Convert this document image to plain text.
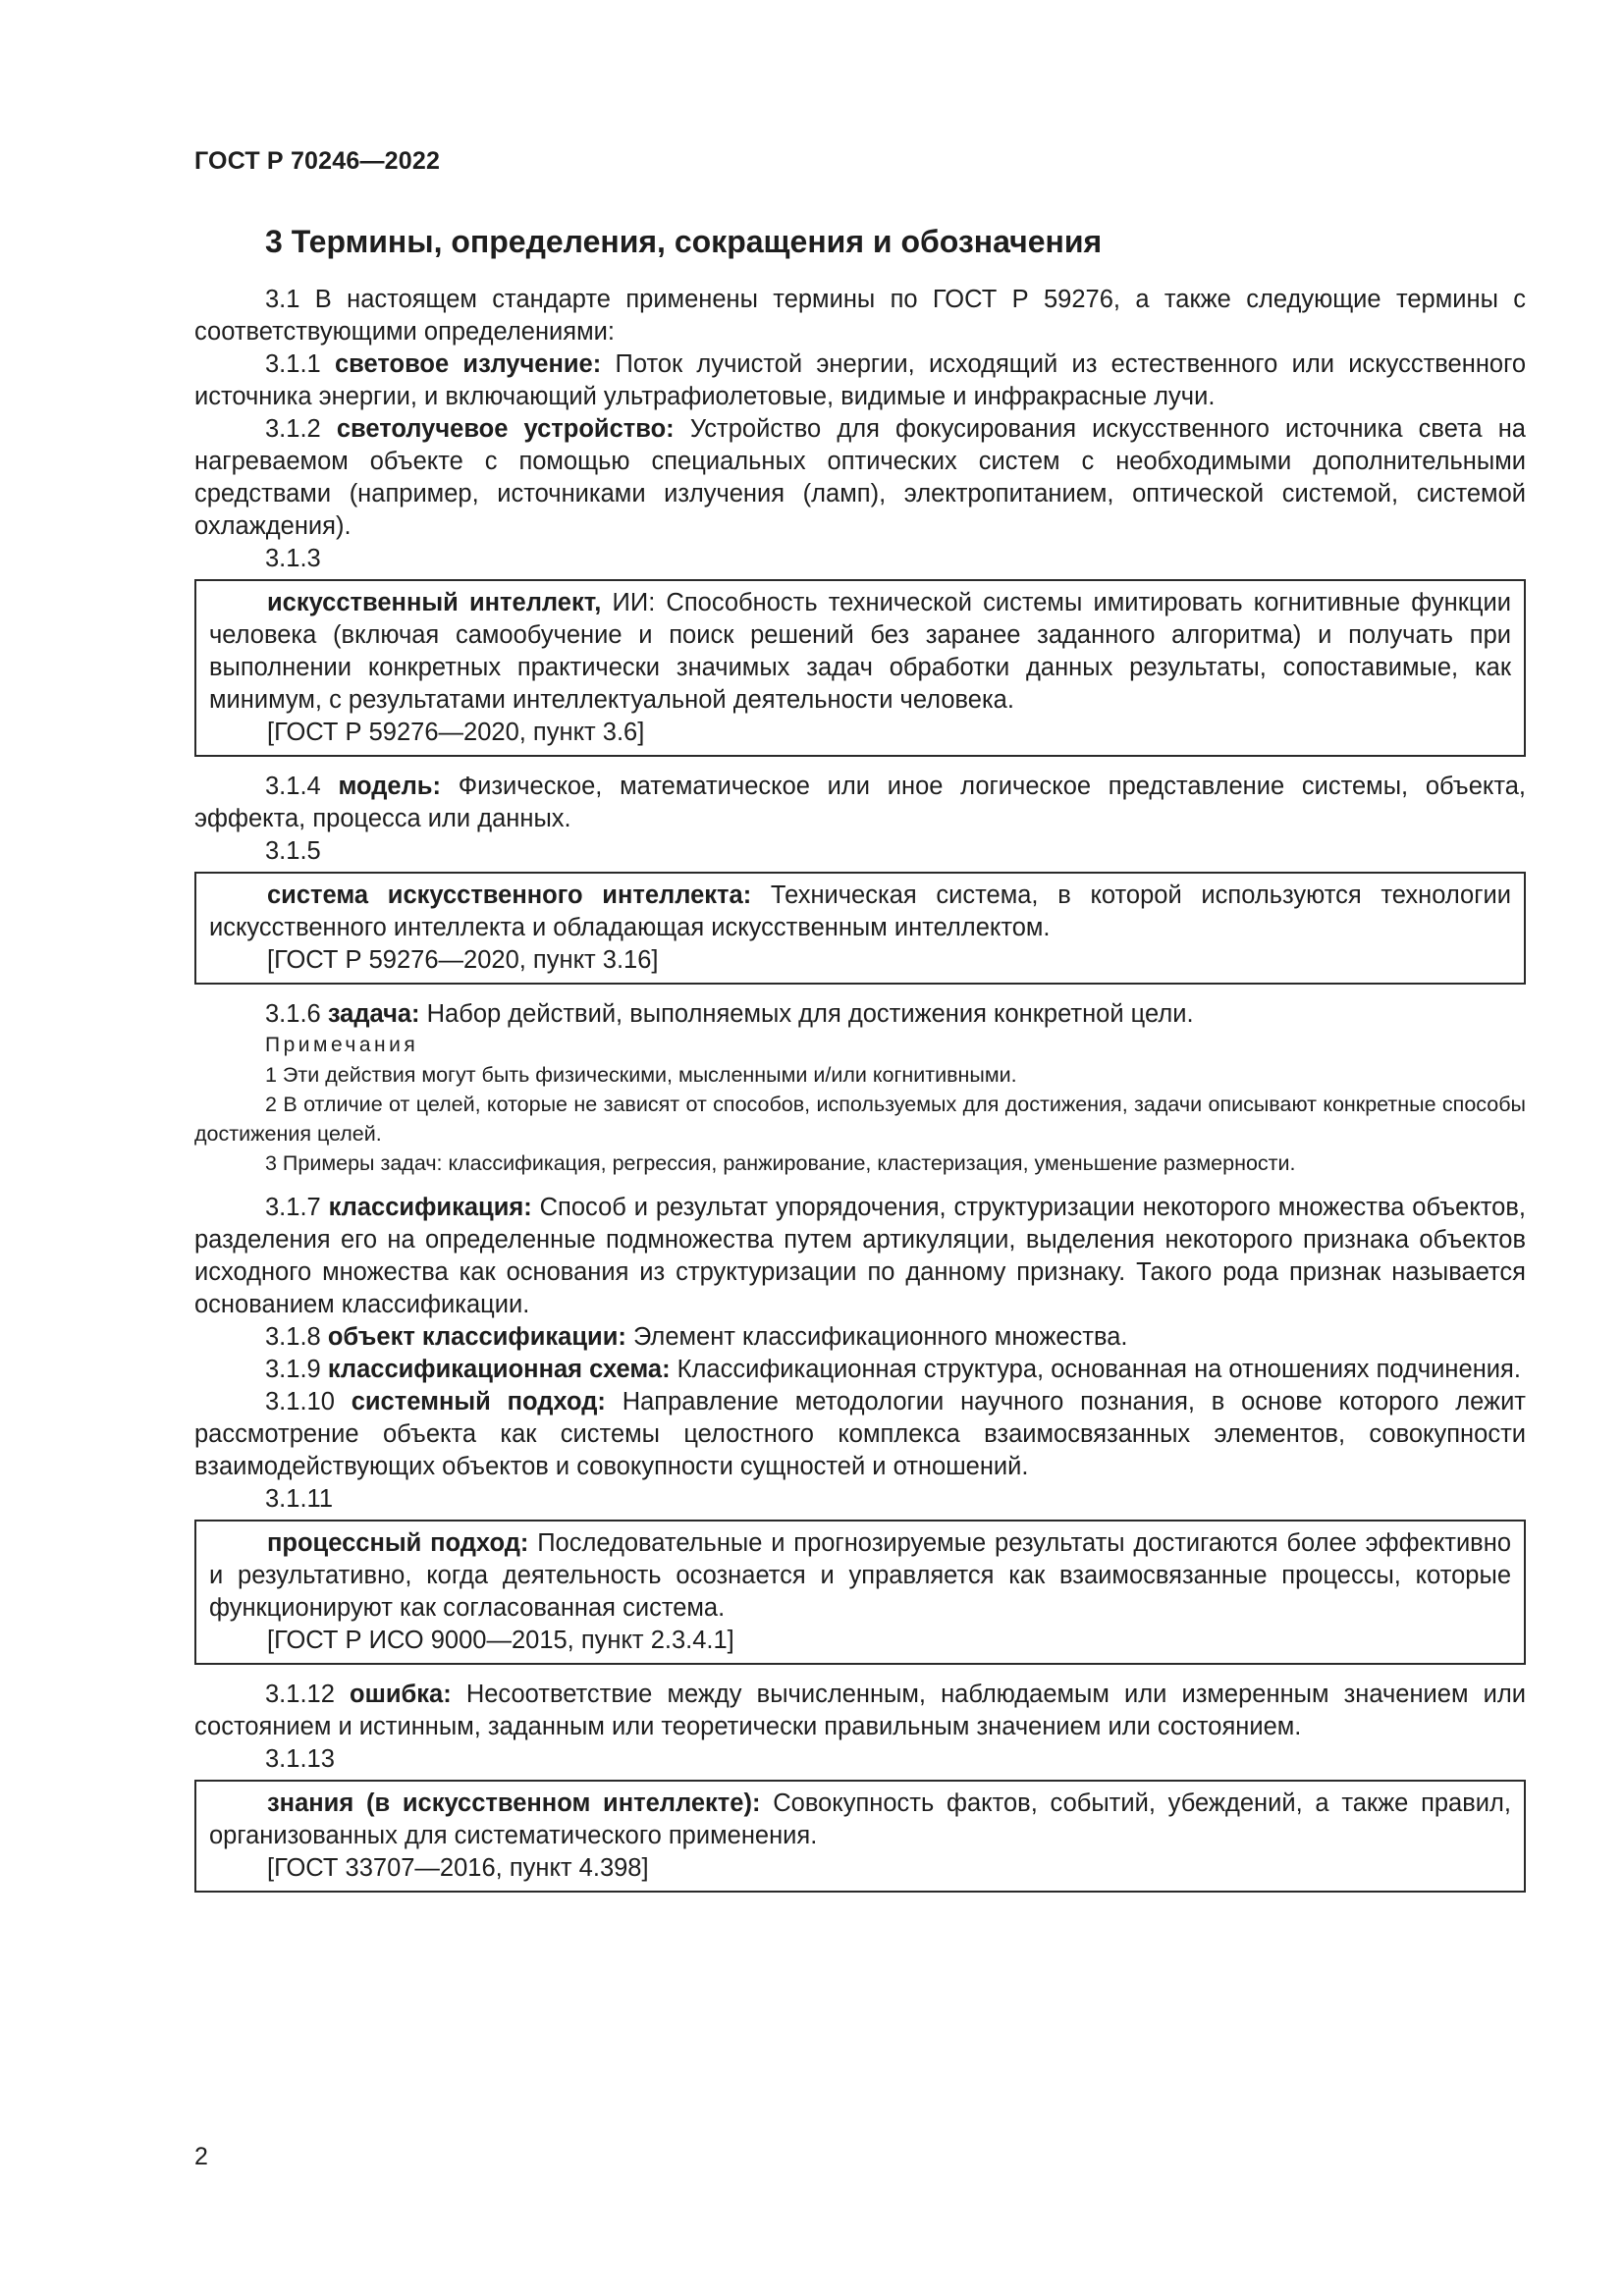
ГОСТ Р 70246—2022
3 Термины, определения, сокращения и обозначения

3.1 В настоящем стандарте применены термины по ГОСТ Р 59276, а также следующие термины с соответствующими определениями:

3.1.1 световое излучение: Поток лучистой энергии, исходящий из естественного или искусственного источника энергии, и включающий ультрафиолетовые, видимые и инфракрасные лучи.

3.1.2 светолучевое устройство: Устройство для фокусирования искусственного источника света на нагреваемом объекте с помощью специальных оптических систем с необходимыми дополнительными средствами (например, источниками излучения (ламп), электропитанием, оптической системой, системой охлаждения).

3.1.3

искусственный интеллект, ИИ: Способность технической системы имитировать когнитивные функции человека (включая самообучение и поиск решений без заранее заданного алгоритма) и получать при выполнении конкретных практически значимых задач обработки данных результаты, сопоставимые, как минимум, с результатами интеллектуальной деятельности человека.

[ГОСТ Р 59276—2020, пункт 3.6]

3.1.4 модель: Физическое, математическое или иное логическое представление системы, объекта, эффекта, процесса или данных.

3.1.5

система искусственного интеллекта: Техническая система, в которой используются технологии искусственного интеллекта и обладающая искусственным интеллектом.

[ГОСТ Р 59276—2020, пункт 3.16]

3.1.6 задача: Набор действий, выполняемых для достижения конкретной цели.

Примечания

1 Эти действия могут быть физическими, мысленными и/или когнитивными.

2 В отличие от целей, которые не зависят от способов, используемых для достижения, задачи описывают конкретные способы достижения целей.

3 Примеры задач: классификация, регрессия, ранжирование, кластеризация, уменьшение размерности.

3.1.7 классификация: Способ и результат упорядочения, структуризации некоторого множества объектов, разделения его на определенные подмножества путем артикуляции, выделения некоторого признака объектов исходного множества как основания из структуризации по данному признаку. Такого рода признак называется основанием классификации.

3.1.8 объект классификации: Элемент классификационного множества.

3.1.9 классификационная схема: Классификационная структура, основанная на отношениях подчинения.

3.1.10 системный подход: Направление методологии научного познания, в основе которого лежит рассмотрение объекта как системы целостного комплекса взаимосвязанных элементов, совокупности взаимодействующих объектов и совокупности сущностей и отношений.

3.1.11

процессный подход: Последовательные и прогнозируемые результаты достигаются более эффективно и результативно, когда деятельность осознается и управляется как взаимосвязанные процессы, которые функционируют как согласованная система.

[ГОСТ Р ИСО 9000—2015, пункт 2.3.4.1]

3.1.12 ошибка: Несоответствие между вычисленным, наблюдаемым или измеренным значением или состоянием и истинным, заданным или теоретически правильным значением или состоянием.

3.1.13

знания (в искусственном интеллекте): Совокупность фактов, событий, убеждений, а также правил, организованных для систематического применения.

[ГОСТ 33707—2016, пункт 4.398]

2
